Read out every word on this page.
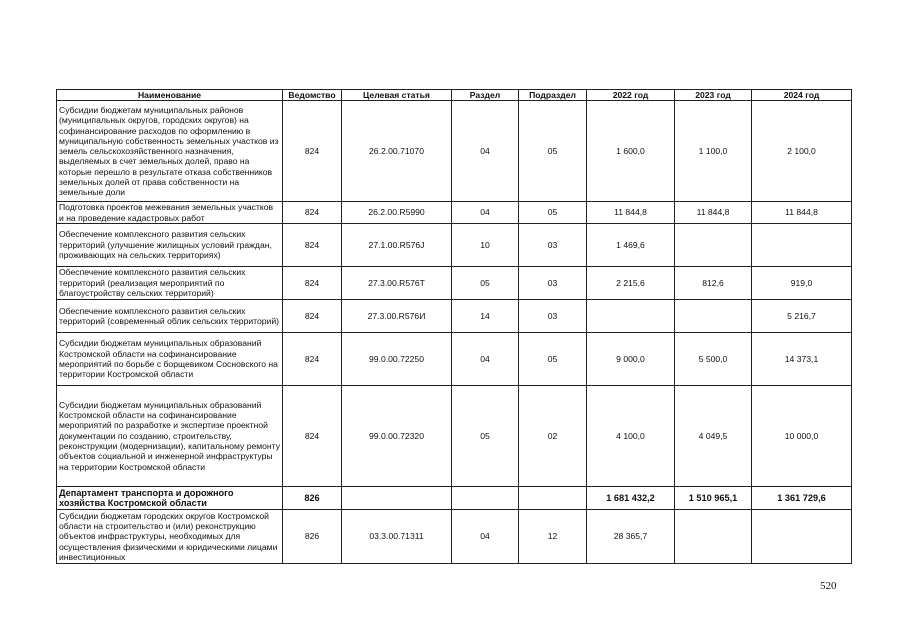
Наименование	Ведомство	Целевая статья	Раздел	Подраздел	2022 год	2023 год	2024 год
Субсидии бюджетам муниципальных районов (муниципальных округов, городских округов) на софинансирование расходов по оформлению в муниципальную собственность земельных участков из земель сельскохозяйственного назначения, выделяемых в счет земельных долей, право на которые перешло в результате отказа собственников земельных долей от права собственности на земельные доли	824	26.2.00.71070	04	05	1 600,0	1 100,0	2 100,0
Подготовка проектов межевания земельных участков и на проведение кадастровых работ	824	26.2.00.R5990	04	05	11 844,8	11 844,8	11 844,8
Обеспечение комплексного развития сельских территорий (улучшение жилищных условий граждан, проживающих на сельских территориях)	824	27.1.00.R576J	10	03	1 469,6		
Обеспечение комплексного развития сельских территорий (реализация мероприятий по благоустройству сельских территорий)	824	27.3.00.R576T	05	03	2 215,6	812,6	919,0
Обеспечение комплексного развития сельских территорий (современный облик сельских территорий)	824	27.3.00.R576И	14	03			5 216,7
Субсидии бюджетам муниципальных образований Костромской области на софинансирование мероприятий по борьбе с борщевиком Сосновского на территории Костромской области	824	99.0.00.72250	04	05	9 000,0	5 500,0	14 373,1
Субсидии бюджетам муниципальных образований Костромской области на софинансирование мероприятий по разработке и экспертизе проектной документации по созданию, строительству, реконструкции (модернизации), капитальному ремонту объектов социальной и инженерной инфраструктуры на территории Костромской области	824	99.0.00.72320	05	02	4 100,0	4 049,5	10 000,0
Департамент транспорта и дорожного хозяйства Костромской области	826				1 681 432,2	1 510 965,1	1 361 729,6
Субсидии бюджетам городских округов Костромской области на строительство и (или) реконструкцию объектов инфраструктуры, необходимых для осуществления физическими и юридическими лицами инвестиционных	826	03.3.00.71311	04	12	28 365,7		
520
